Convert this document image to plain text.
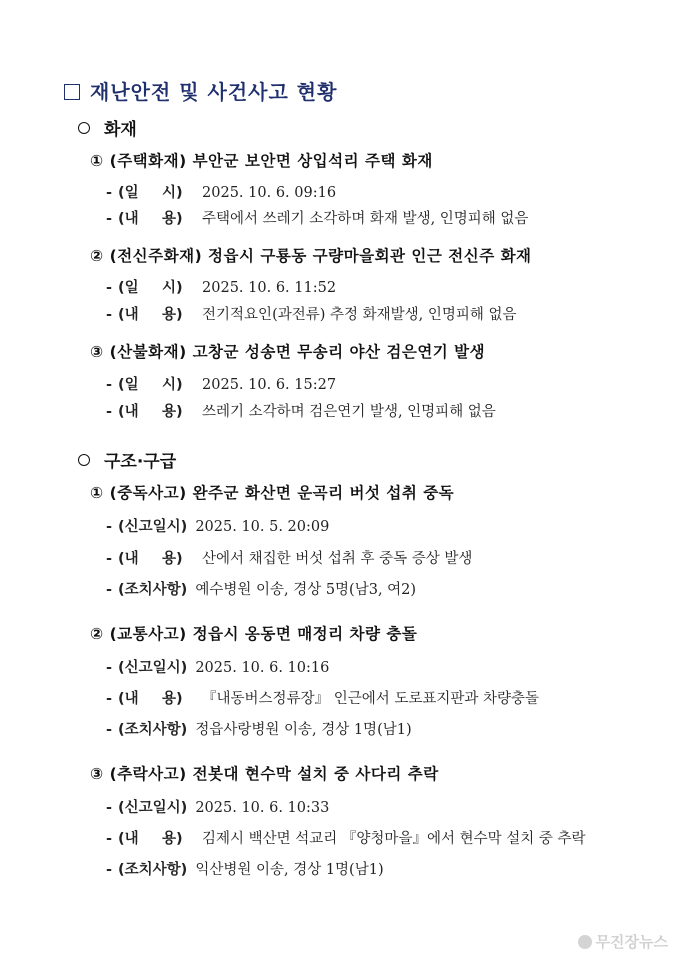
재난안전 및 사건사고 현황
화재
① (주택화재) 부안군 보안면 상입석리 주택 화재
- (일 시) 2025. 10. 6. 09:16
- (내 용) 주택에서 쓰레기 소각하며 화재 발생, 인명피해 없음
② (전신주화재) 정읍시 구룡동 구량마을회관 인근 전신주 화재
- (일 시) 2025. 10. 6. 11:52
- (내 용) 전기적요인(과전류) 추정 화재발생, 인명피해 없음
③ (산불화재) 고창군 성송면 무송리 야산 검은연기 발생
- (일 시) 2025. 10. 6. 15:27
- (내 용) 쓰레기 소각하며 검은연기 발생, 인명피해 없음
구조·구급
① (중독사고) 완주군 화산면 운곡리 버섯 섭취 중독
- (신고일시) 2025. 10. 5. 20:09
- (내 용) 산에서 채집한 버섯 섭취 후 중독 증상 발생
- (조치사항) 예수병원 이송, 경상 5명(남3, 여2)
② (교통사고) 정읍시 옹동면 매정리 차량 충돌
- (신고일시) 2025. 10. 6. 10:16
- (내 용) 『내동버스정류장』 인근에서 도로표지판과 차량충돌
- (조치사항) 정읍사랑병원 이송, 경상 1명(남1)
③ (추락사고) 전봇대 현수막 설치 중 사다리 추락
- (신고일시) 2025. 10. 6. 10:33
- (내 용) 김제시 백산면 석교리 『양청마을』에서 현수막 설치 중 추락
- (조치사항) 익산병원 이송, 경상 1명(남1)
무진장뉴스
